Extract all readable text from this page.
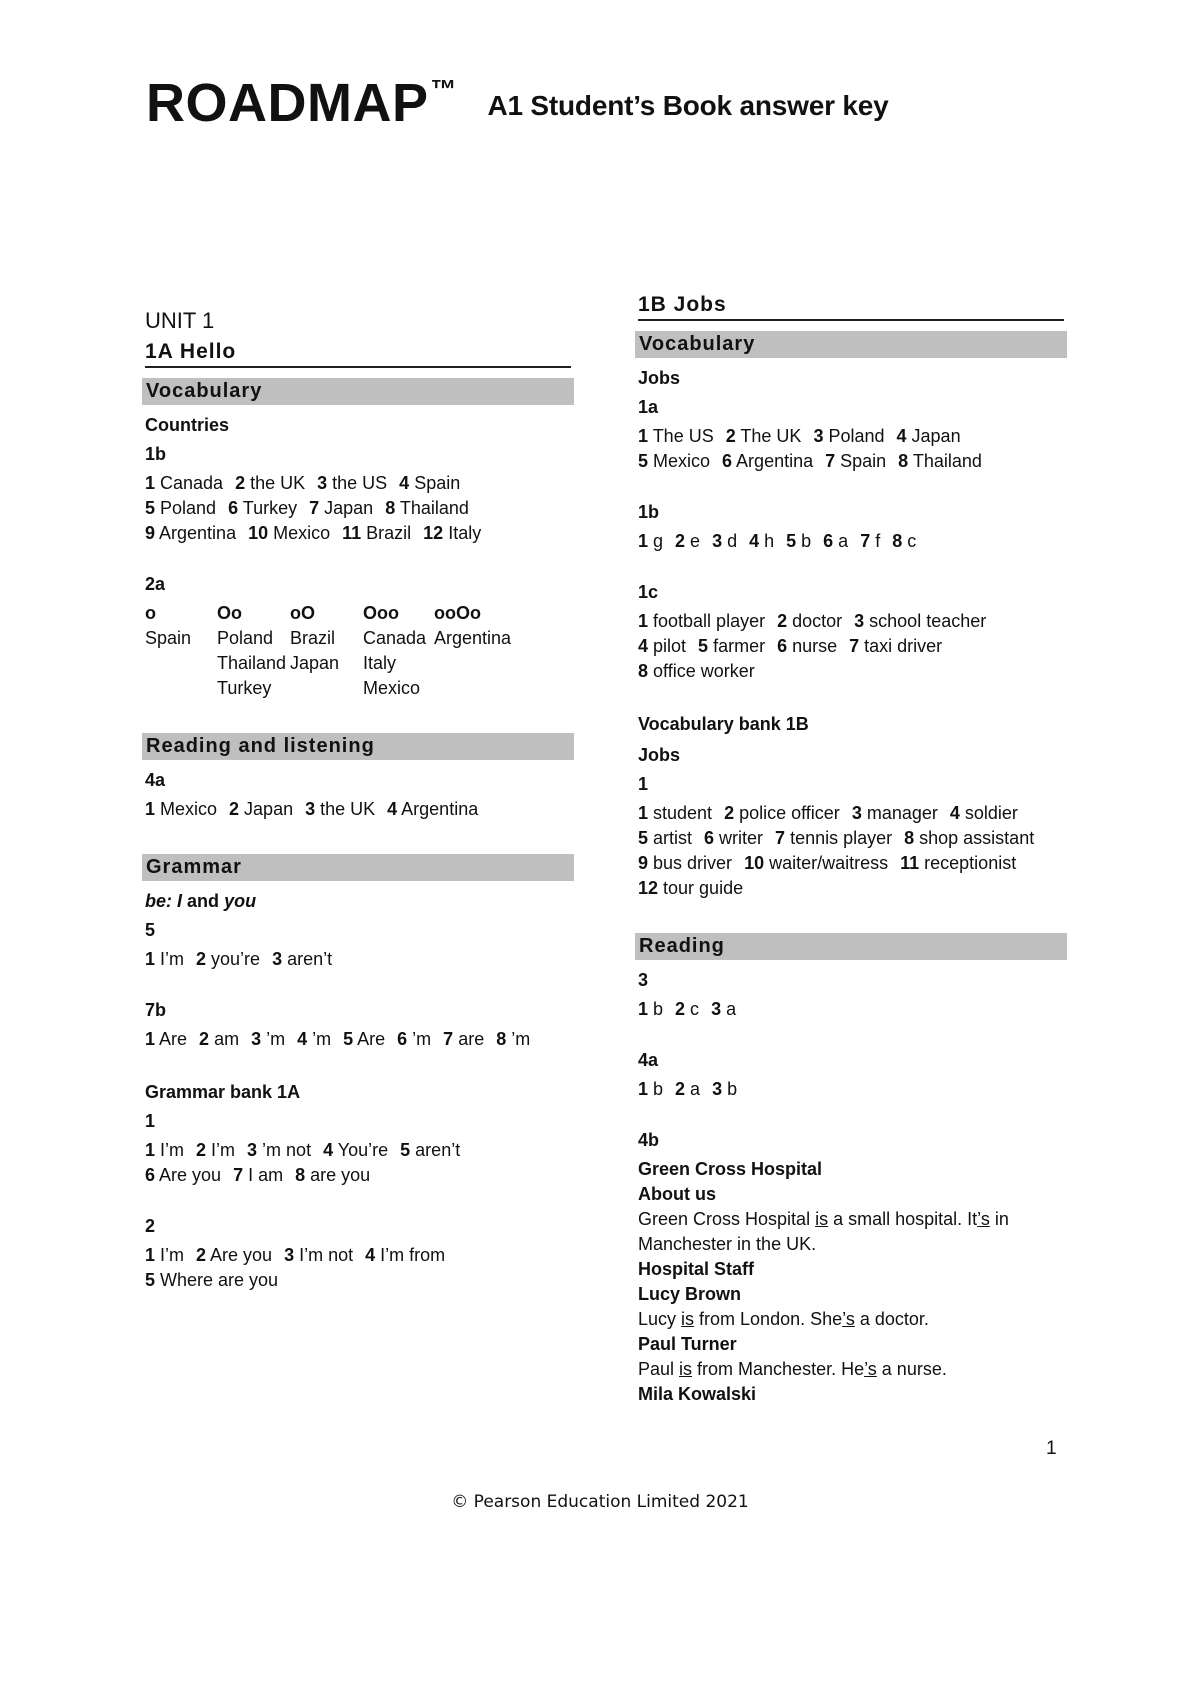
ROADMAP™ A1 Student’s Book answer key
UNIT 1
1A Hello
Vocabulary
Countries
1b
1 Canada 2 the UK 3 the US 4 Spain
5 Poland 6 Turkey 7 Japan 8 Thailand
9 Argentina 10 Mexico 11 Brazil 12 Italy
2a
o	Oo	oO	Ooo	ooOo
Spain	Poland	Brazil	Canada	Argentina
	Thailand	Japan	Italy	
	Turkey		Mexico	
Reading and listening
4a
1 Mexico 2 Japan 3 the UK 4 Argentina
Grammar
be: I and you
5
1 I’m 2 you’re 3 aren’t
7b
1 Are 2 am 3 ’m 4 ’m 5 Are 6 ’m 7 are 8 ’m
Grammar bank 1A
1
1 I’m 2 I’m 3 ’m not 4 You’re 5 aren’t
6 Are you 7 I am 8 are you
2
1 I’m 2 Are you 3 I’m not 4 I’m from
5 Where are you
1B Jobs
Vocabulary
Jobs
1a
1 The US 2 The UK 3 Poland 4 Japan
5 Mexico 6 Argentina 7 Spain 8 Thailand
1b
1 g 2 e 3 d 4 h 5 b 6 a 7 f 8 c
1c
1 football player 2 doctor 3 school teacher
4 pilot 5 farmer 6 nurse 7 taxi driver
8 office worker
Vocabulary bank 1B
Jobs
1
1 student 2 police officer 3 manager 4 soldier
5 artist 6 writer 7 tennis player 8 shop assistant
9 bus driver 10 waiter/waitress 11 receptionist
12 tour guide
Reading
3
1 b 2 c 3 a
4a
1 b 2 a 3 b
4b
Green Cross Hospital
About us
Green Cross Hospital is a small hospital. It’s in
Manchester in the UK.
Hospital Staff
Lucy Brown
Lucy is from London. She’s a doctor.
Paul Turner
Paul is from Manchester. He’s a nurse.
Mila Kowalski
1
© Pearson Education Limited 2021
